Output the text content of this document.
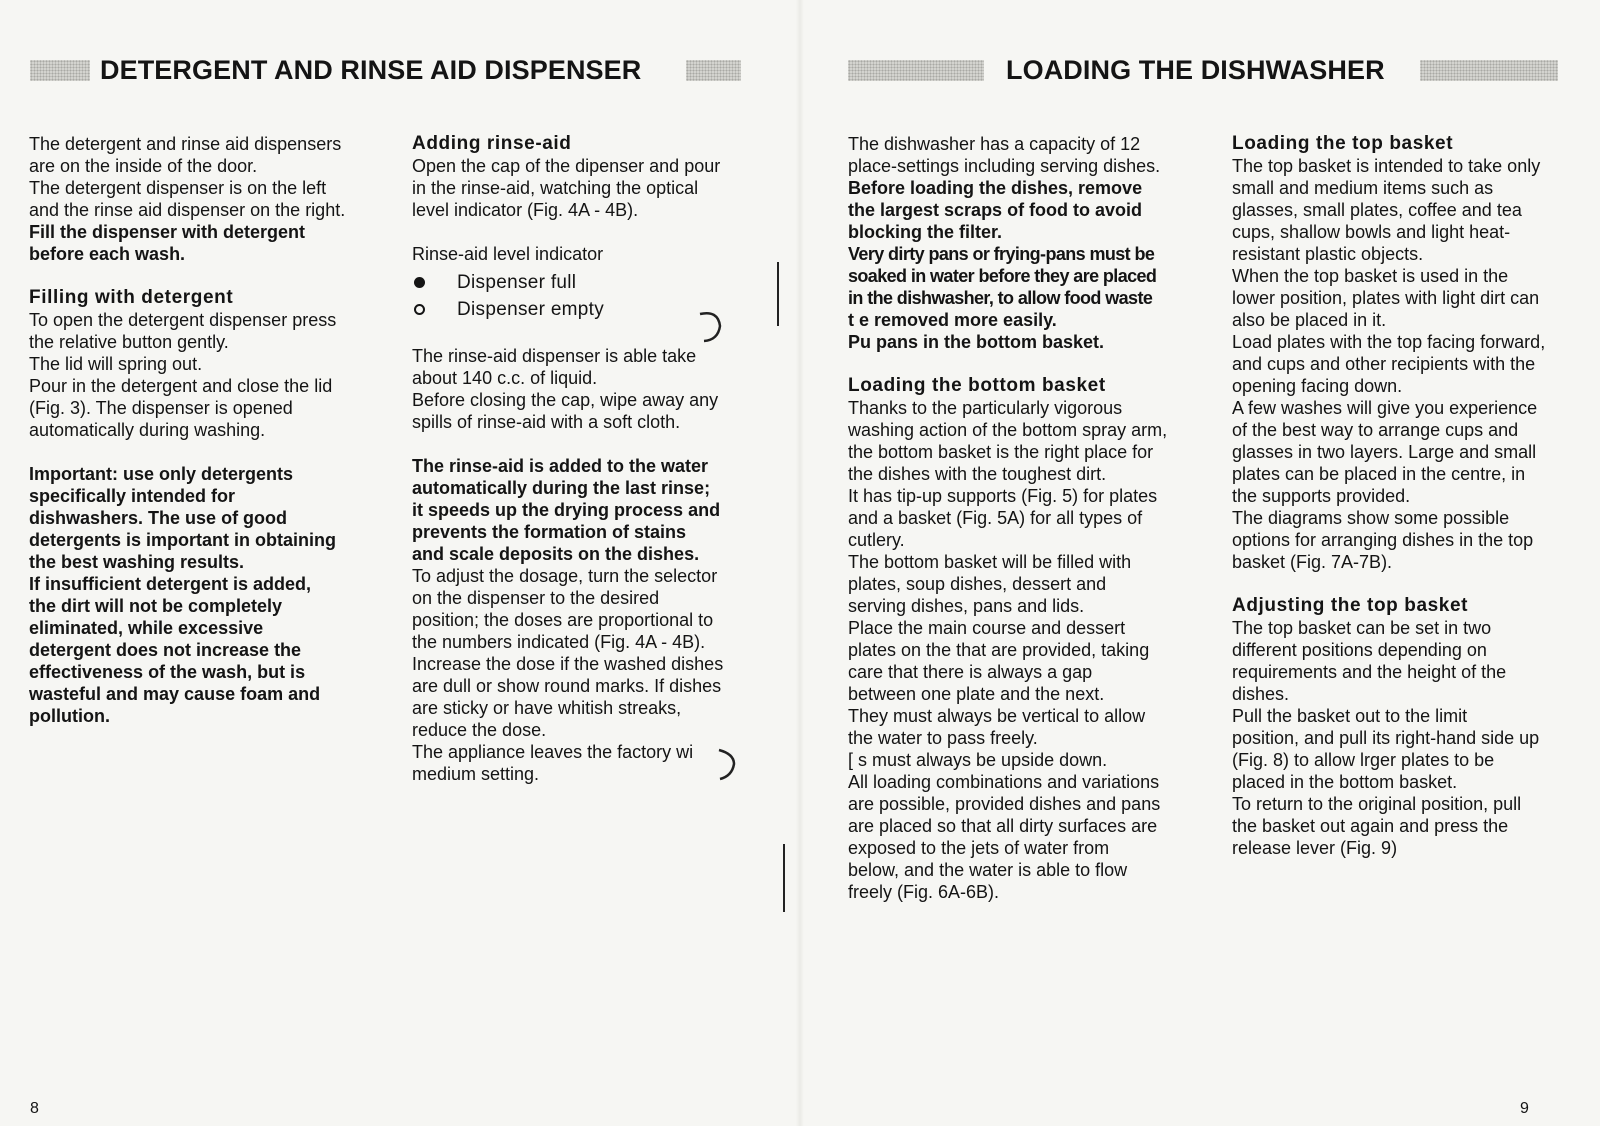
DETERGENT AND RINSE AID DISPENSER

The detergent and rinse aid dispensers

are on the inside of the door.

The detergent dispenser is on the left

and the rinse aid dispenser on the right.

Fill the dispenser with detergent

before each wash.

Filling with detergent

To open the detergent dispenser press

the relative button gently.

The lid will spring out.

Pour in the detergent and close the lid

(Fig. 3). The dispenser is opened

automatically during washing.

Important: use only detergents

specifically intended for

dishwashers. The use of good

detergents is important in obtaining

the best washing results.

If insufficient detergent is added,

the dirt will not be completely

eliminated, while excessive

detergent does not increase the

effectiveness of the wash, but is

wasteful and may cause foam and

pollution.

Adding rinse-aid

Open the cap of the dipenser and pour

in the rinse-aid, watching the optical

level indicator (Fig. 4A - 4B).

Rinse-aid level indicator

Dispenser full
Dispenser empty

The rinse-aid dispenser is able take

about 140 c.c. of liquid.

Before closing the cap, wipe away any

spills of rinse-aid with a soft cloth.

The rinse-aid is added to the water

automatically during the last rinse;

it speeds up the drying process and

prevents the formation of stains

and scale deposits on the dishes.

To adjust the dosage, turn the selector

on the dispenser to the desired

position; the doses are proportional to

the numbers indicated (Fig. 4A - 4B).

Increase the dose if the washed dishes

are dull or show round marks. If dishes

are sticky or have whitish streaks,

reduce the dose.

The appliance leaves the factory wi

medium setting.

8
LOADING THE DISHWASHER

The dishwasher has a capacity of 12

place-settings including serving dishes.

Before loading the dishes, remove

the largest scraps of food to avoid

blocking the filter.

Very dirty pans or frying-pans must be

soaked in water before they are placed

in the dishwasher, to allow food waste

t e removed more easily.

Pu pans in the bottom basket.

Loading the bottom basket

Thanks to the particularly vigorous

washing action of the bottom spray arm,

the bottom basket is the right place for

the dishes with the toughest dirt.

It has tip-up supports (Fig. 5) for plates

and a basket (Fig. 5A) for all types of

cutlery.

The bottom basket will be filled with

plates, soup dishes, dessert and

serving dishes, pans and lids.

Place the main course and dessert

plates on the that are provided, taking

care that there is always a gap

between one plate and the next.

They must always be vertical to allow

the water to pass freely.

[ s must always be upside down.

All loading combinations and variations

are possible, provided dishes and pans

are placed so that all dirty surfaces are

exposed to the jets of water from

below, and the water is able to flow

freely (Fig. 6A-6B).

Loading the top basket

The top basket is intended to take only

small and medium items such as

glasses, small plates, coffee and tea

cups, shallow bowls and light heat-

resistant plastic objects.

When the top basket is used in the

lower position, plates with light dirt can

also be placed in it.

Load plates with the top facing forward,

and cups and other recipients with the

opening facing down.

A few washes will give you experience

of the best way to arrange cups and

glasses in two layers. Large and small

plates can be placed in the centre, in

the supports provided.

The diagrams show some possible

options for arranging dishes in the top

basket (Fig. 7A-7B).

Adjusting the top basket

The top basket can be set in two

different positions depending on

requirements and the height of the

dishes.

Pull the basket out to the limit

position, and pull its right-hand side up

(Fig. 8) to allow lrger plates to be

placed in the bottom basket.

To return to the original position, pull

the basket out again and press the

release lever (Fig. 9)

9
